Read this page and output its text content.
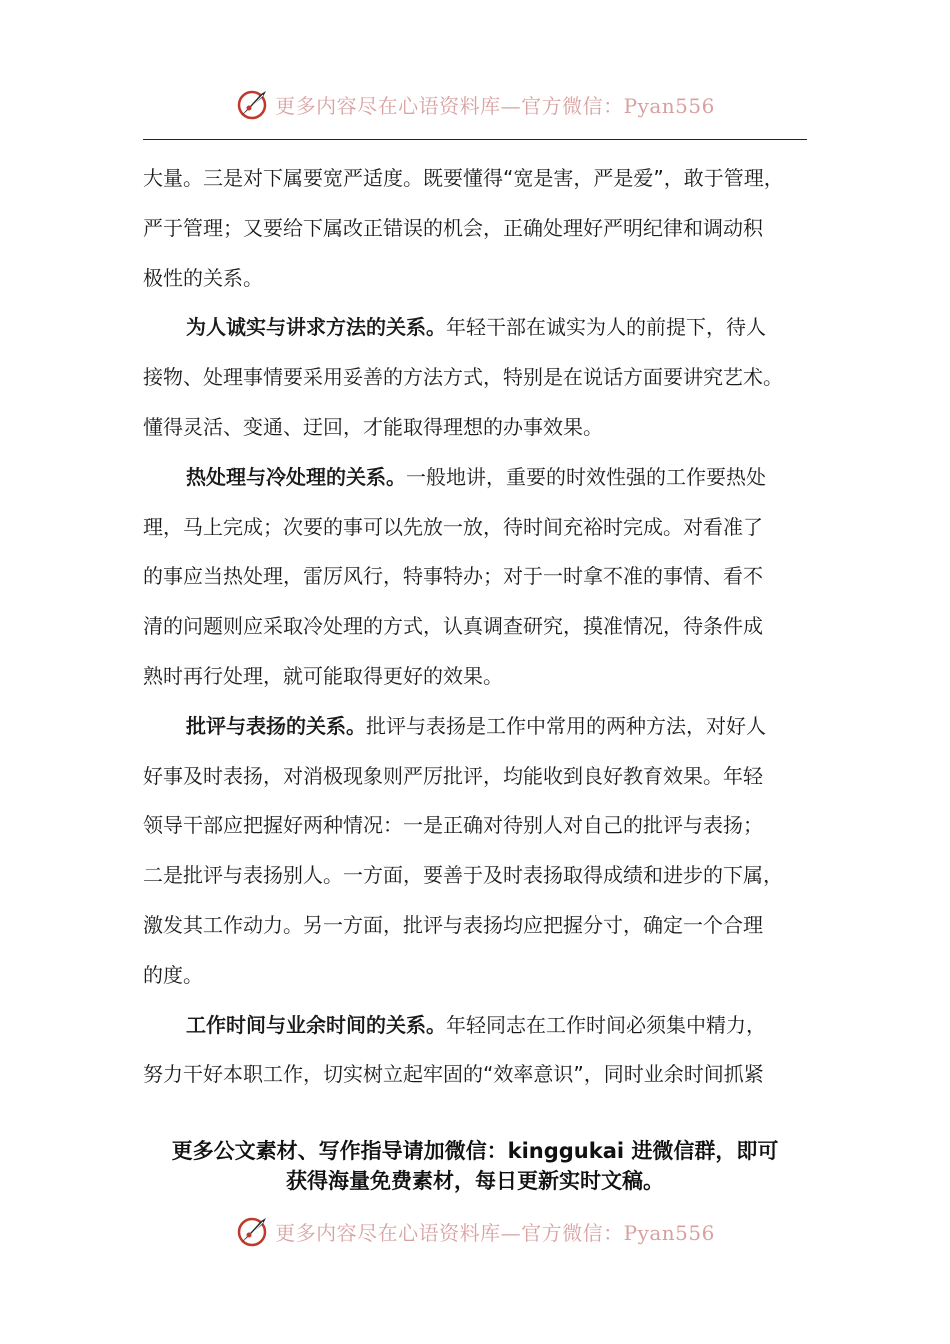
更多内容尽在心语资料库—官方微信：Pyan556
大量。三是对下属要宽严适度。既要懂得“宽是害，严是爱”，敢于管理，
严于管理；又要给下属改正错误的机会，正确处理好严明纪律和调动积
极性的关系。
为人诚实与讲求方法的关系。年轻干部在诚实为人的前提下，待人
接物、处理事情要采用妥善的方法方式，特别是在说话方面要讲究艺术。
懂得灵活、变通、迂回，才能取得理想的办事效果。
热处理与冷处理的关系。一般地讲，重要的时效性强的工作要热处
理，马上完成；次要的事可以先放一放，待时间充裕时完成。对看准了
的事应当热处理，雷厉风行，特事特办；对于一时拿不准的事情、看不
清的问题则应采取冷处理的方式，认真调查研究，摸准情况，待条件成
熟时再行处理，就可能取得更好的效果。
批评与表扬的关系。批评与表扬是工作中常用的两种方法，对好人
好事及时表扬，对消极现象则严厉批评，均能收到良好教育效果。年轻
领导干部应把握好两种情况：一是正确对待别人对自己的批评与表扬；
二是批评与表扬别人。一方面，要善于及时表扬取得成绩和进步的下属，
激发其工作动力。另一方面，批评与表扬均应把握分寸，确定一个合理
的度。
工作时间与业余时间的关系。年轻同志在工作时间必须集中精力，
努力干好本职工作，切实树立起牢固的“效率意识”，同时业余时间抓紧
更多公文素材、写作指导请加微信：kinggukai 进微信群，即可
获得海量免费素材，每日更新实时文稿。
更多内容尽在心语资料库—官方微信：Pyan556
